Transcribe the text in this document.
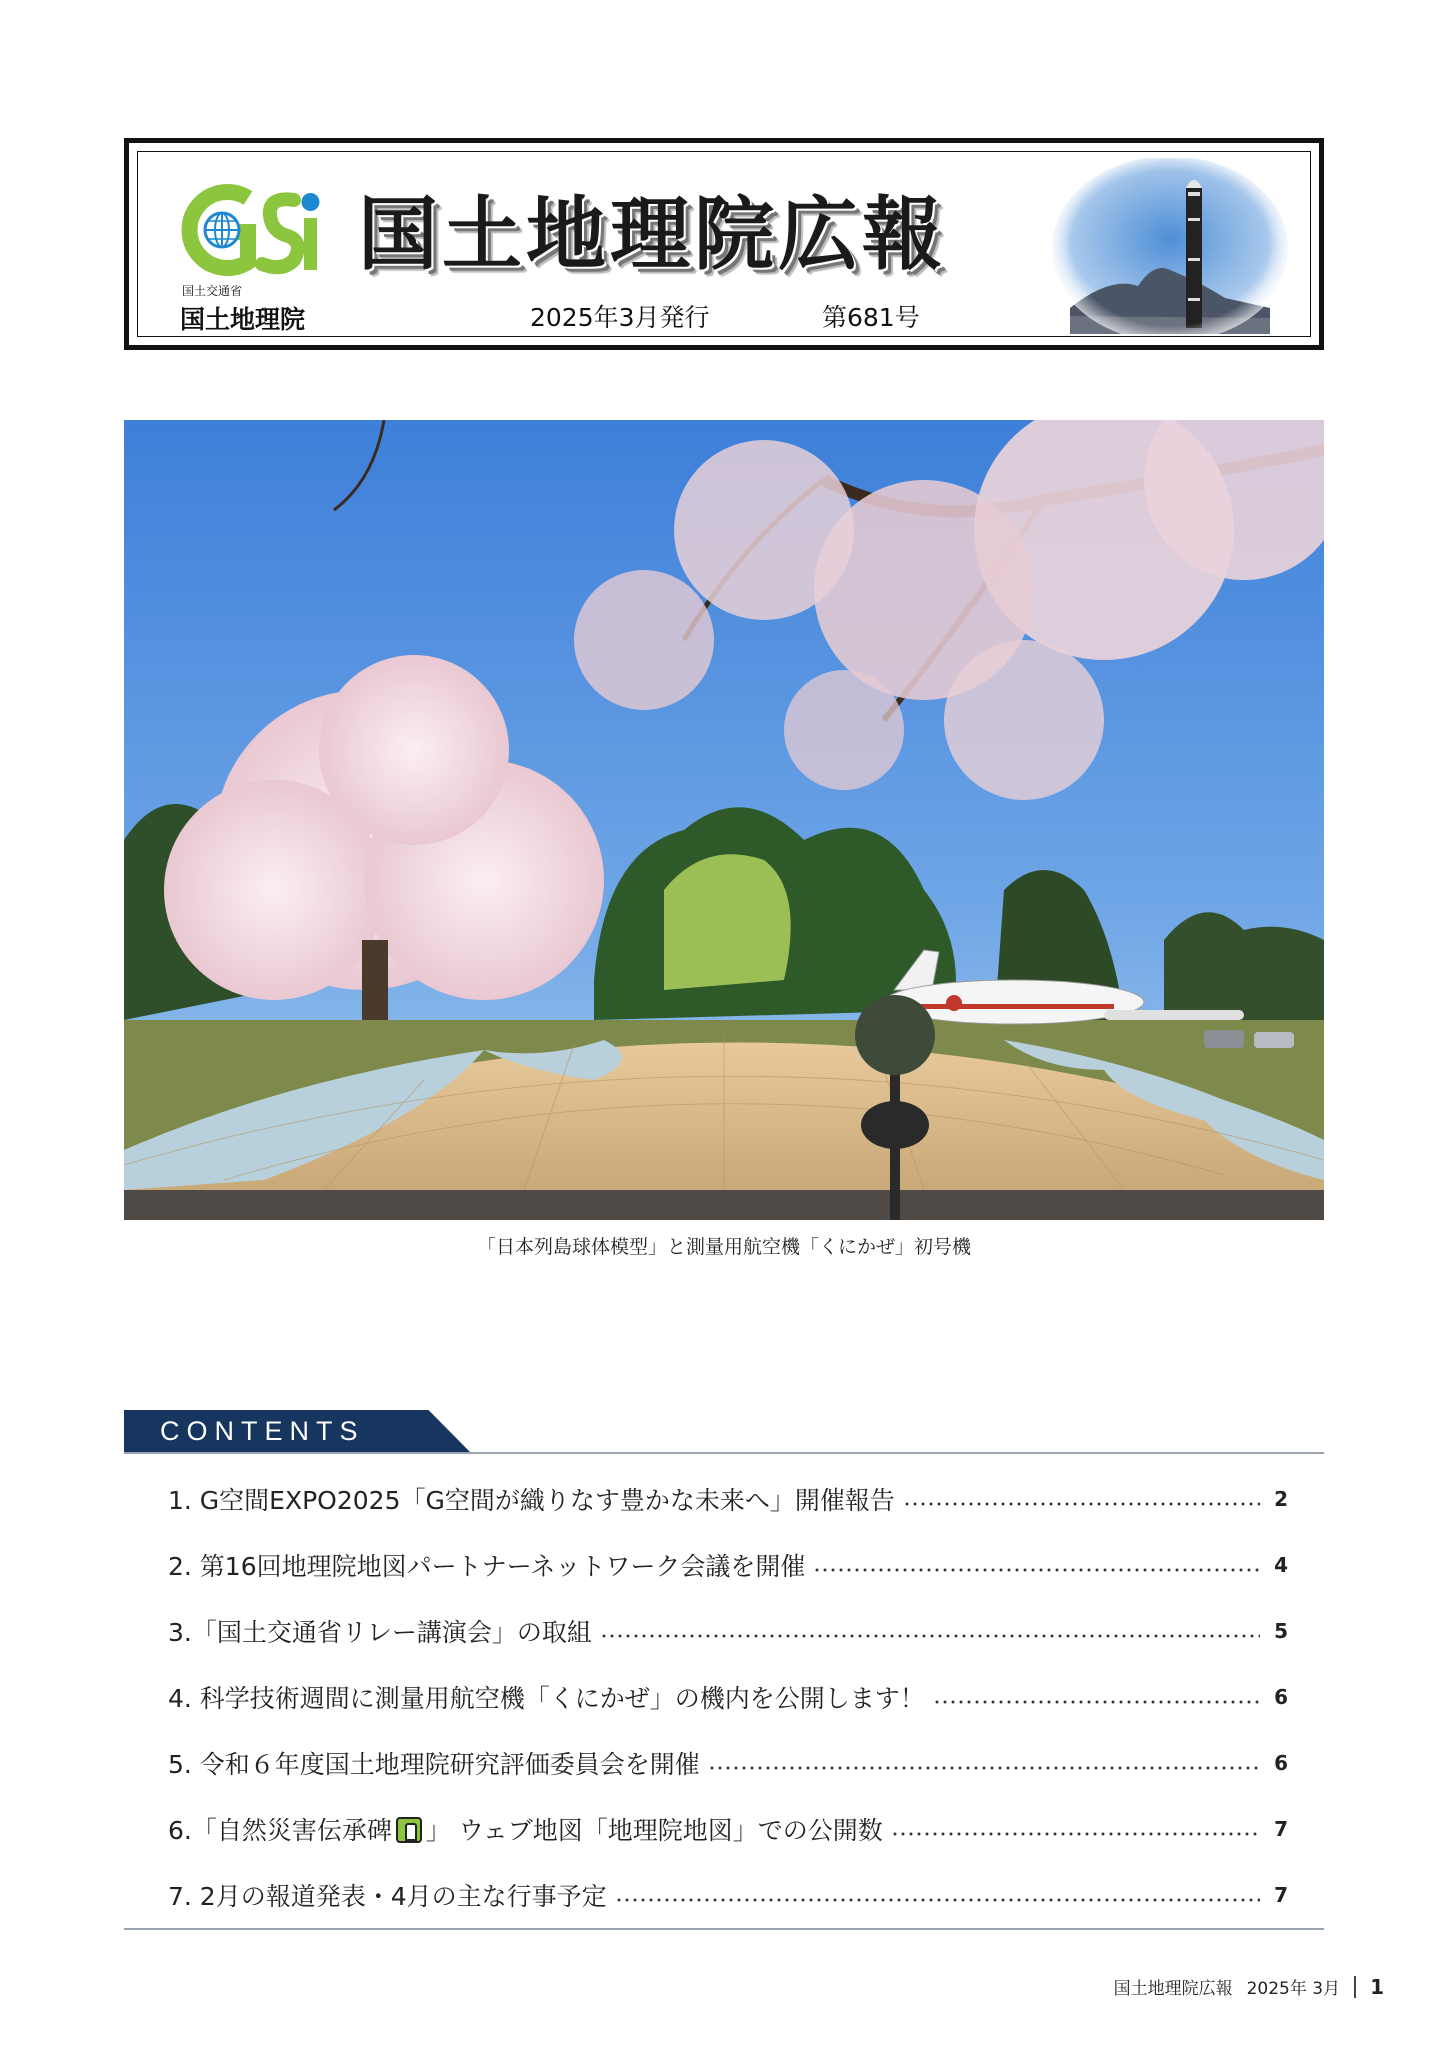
国土交通省
国土地理院
国土地理院広報
2025年3月発行	第681号
「日本列島球体模型」と測量用航空機「くにかぜ」初号機
CONTENTS
1. G空間EXPO2025「G空間が織りなす豊かな未来へ」開催報告	2
2. 第16回地理院地図パートナーネットワーク会議を開催	4
3.「国土交通省リレー講演会」の取組	5
4. 科学技術週間に測量用航空機「くにかぜ」の機内を公開します！	6
5. 令和６年度国土地理院研究評価委員会を開催	6
6.「自然災害伝承碑 」 ウェブ地図「地理院地図」での公開数	7
7. 2月の報道発表・4月の主な行事予定	7
国土地理院広報 2025年 3月 1
